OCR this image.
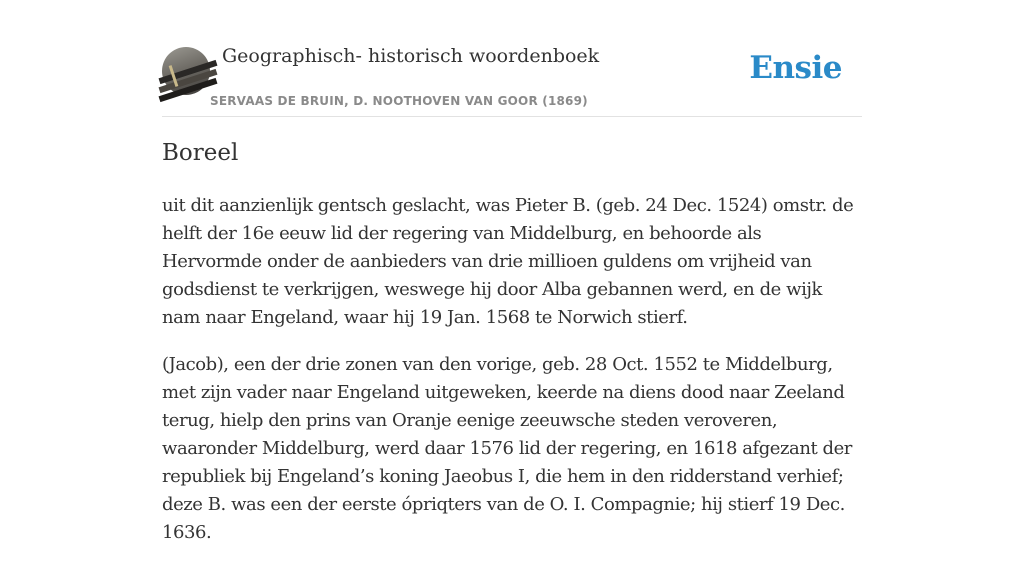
Geographisch- historisch woordenboek
SERVAAS DE BRUIN, D. NOOTHOVEN VAN GOOR (1869)
Ensie
Boreel

uit dit aanzienlijk gentsch geslacht, was Pieter B. (geb. 24 Dec. 1524) omstr. de helft der 16e eeuw lid der regering van Middelburg, en behoorde als Hervormde onder de aanbieders van drie millioen guldens om vrijheid van godsdienst te verkrijgen, weswege hij door Alba gebannen werd, en de wijk nam naar Engeland, waar hij 19 Jan. 1568 te Norwich stierf.

(Jacob), een der drie zonen van den vorige, geb. 28 Oct. 1552 te Middelburg, met zijn vader naar Engeland uitgeweken, keerde na diens dood naar Zeeland terug, hielp den prins van Oranje eenige zeeuwsche steden veroveren, waaronder Middelburg, werd daar 1576 lid der regering, en 1618 afgezant der republiek bij Engeland’s koning Jaeobus I, die hem in den ridderstand verhief; deze B. was een der eerste ópriqters van de O. I. Compagnie; hij stierf 19 Dec. 1636.
